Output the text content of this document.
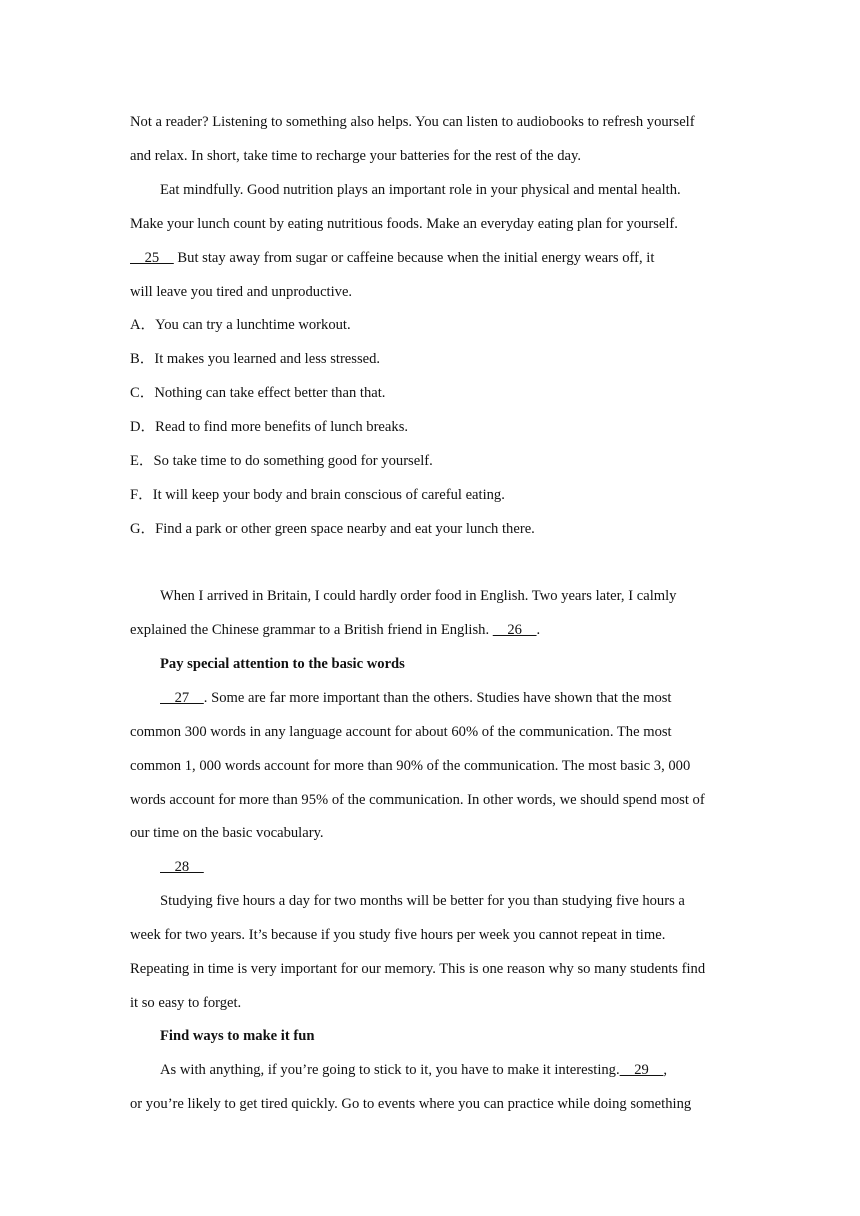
Not a reader? Listening to something also helps. You can listen to audiobooks to refresh yourself
and relax. In short, take time to recharge your batteries for the rest of the day.
Eat mindfully. Good nutrition plays an important role in your physical and mental health.
Make your lunch count by eating nutritious foods. Make an everyday eating plan for yourself.
25     But stay away from sugar or caffeine because when the initial energy wears off, it
will leave you tired and unproductive.
A．You can try a lunchtime workout.
B．It makes you learned and less stressed.
C．Nothing can take effect better than that.
D．Read to find more benefits of lunch breaks.
E．So take time to do something good for yourself.
F．It will keep your body and brain conscious of careful eating.
G．Find a park or other green space nearby and eat your lunch there.
When I arrived in Britain, I could hardly order food in English. Two years later, I calmly
explained the Chinese grammar to a British friend in English.     26    .
Pay special attention to the basic words
27    . Some are far more important than the others. Studies have shown that the most
common 300 words in any language account for about 60% of the communication. The most
common 1, 000 words account for more than 90% of the communication. The most basic 3, 000
words account for more than 95% of the communication. In other words, we should spend most of
our time on the basic vocabulary.
28
Studying five hours a day for two months will be better for you than studying five hours a
week for two years. It’s because if you study five hours per week you cannot repeat in time.
Repeating in time is very important for our memory. This is one reason why so many students find
it so easy to forget.
Find ways to make it fun
As with anything, if you’re going to stick to it, you have to make it interesting.    29    ,
or you’re likely to get tired quickly. Go to events where you can practice while doing something
